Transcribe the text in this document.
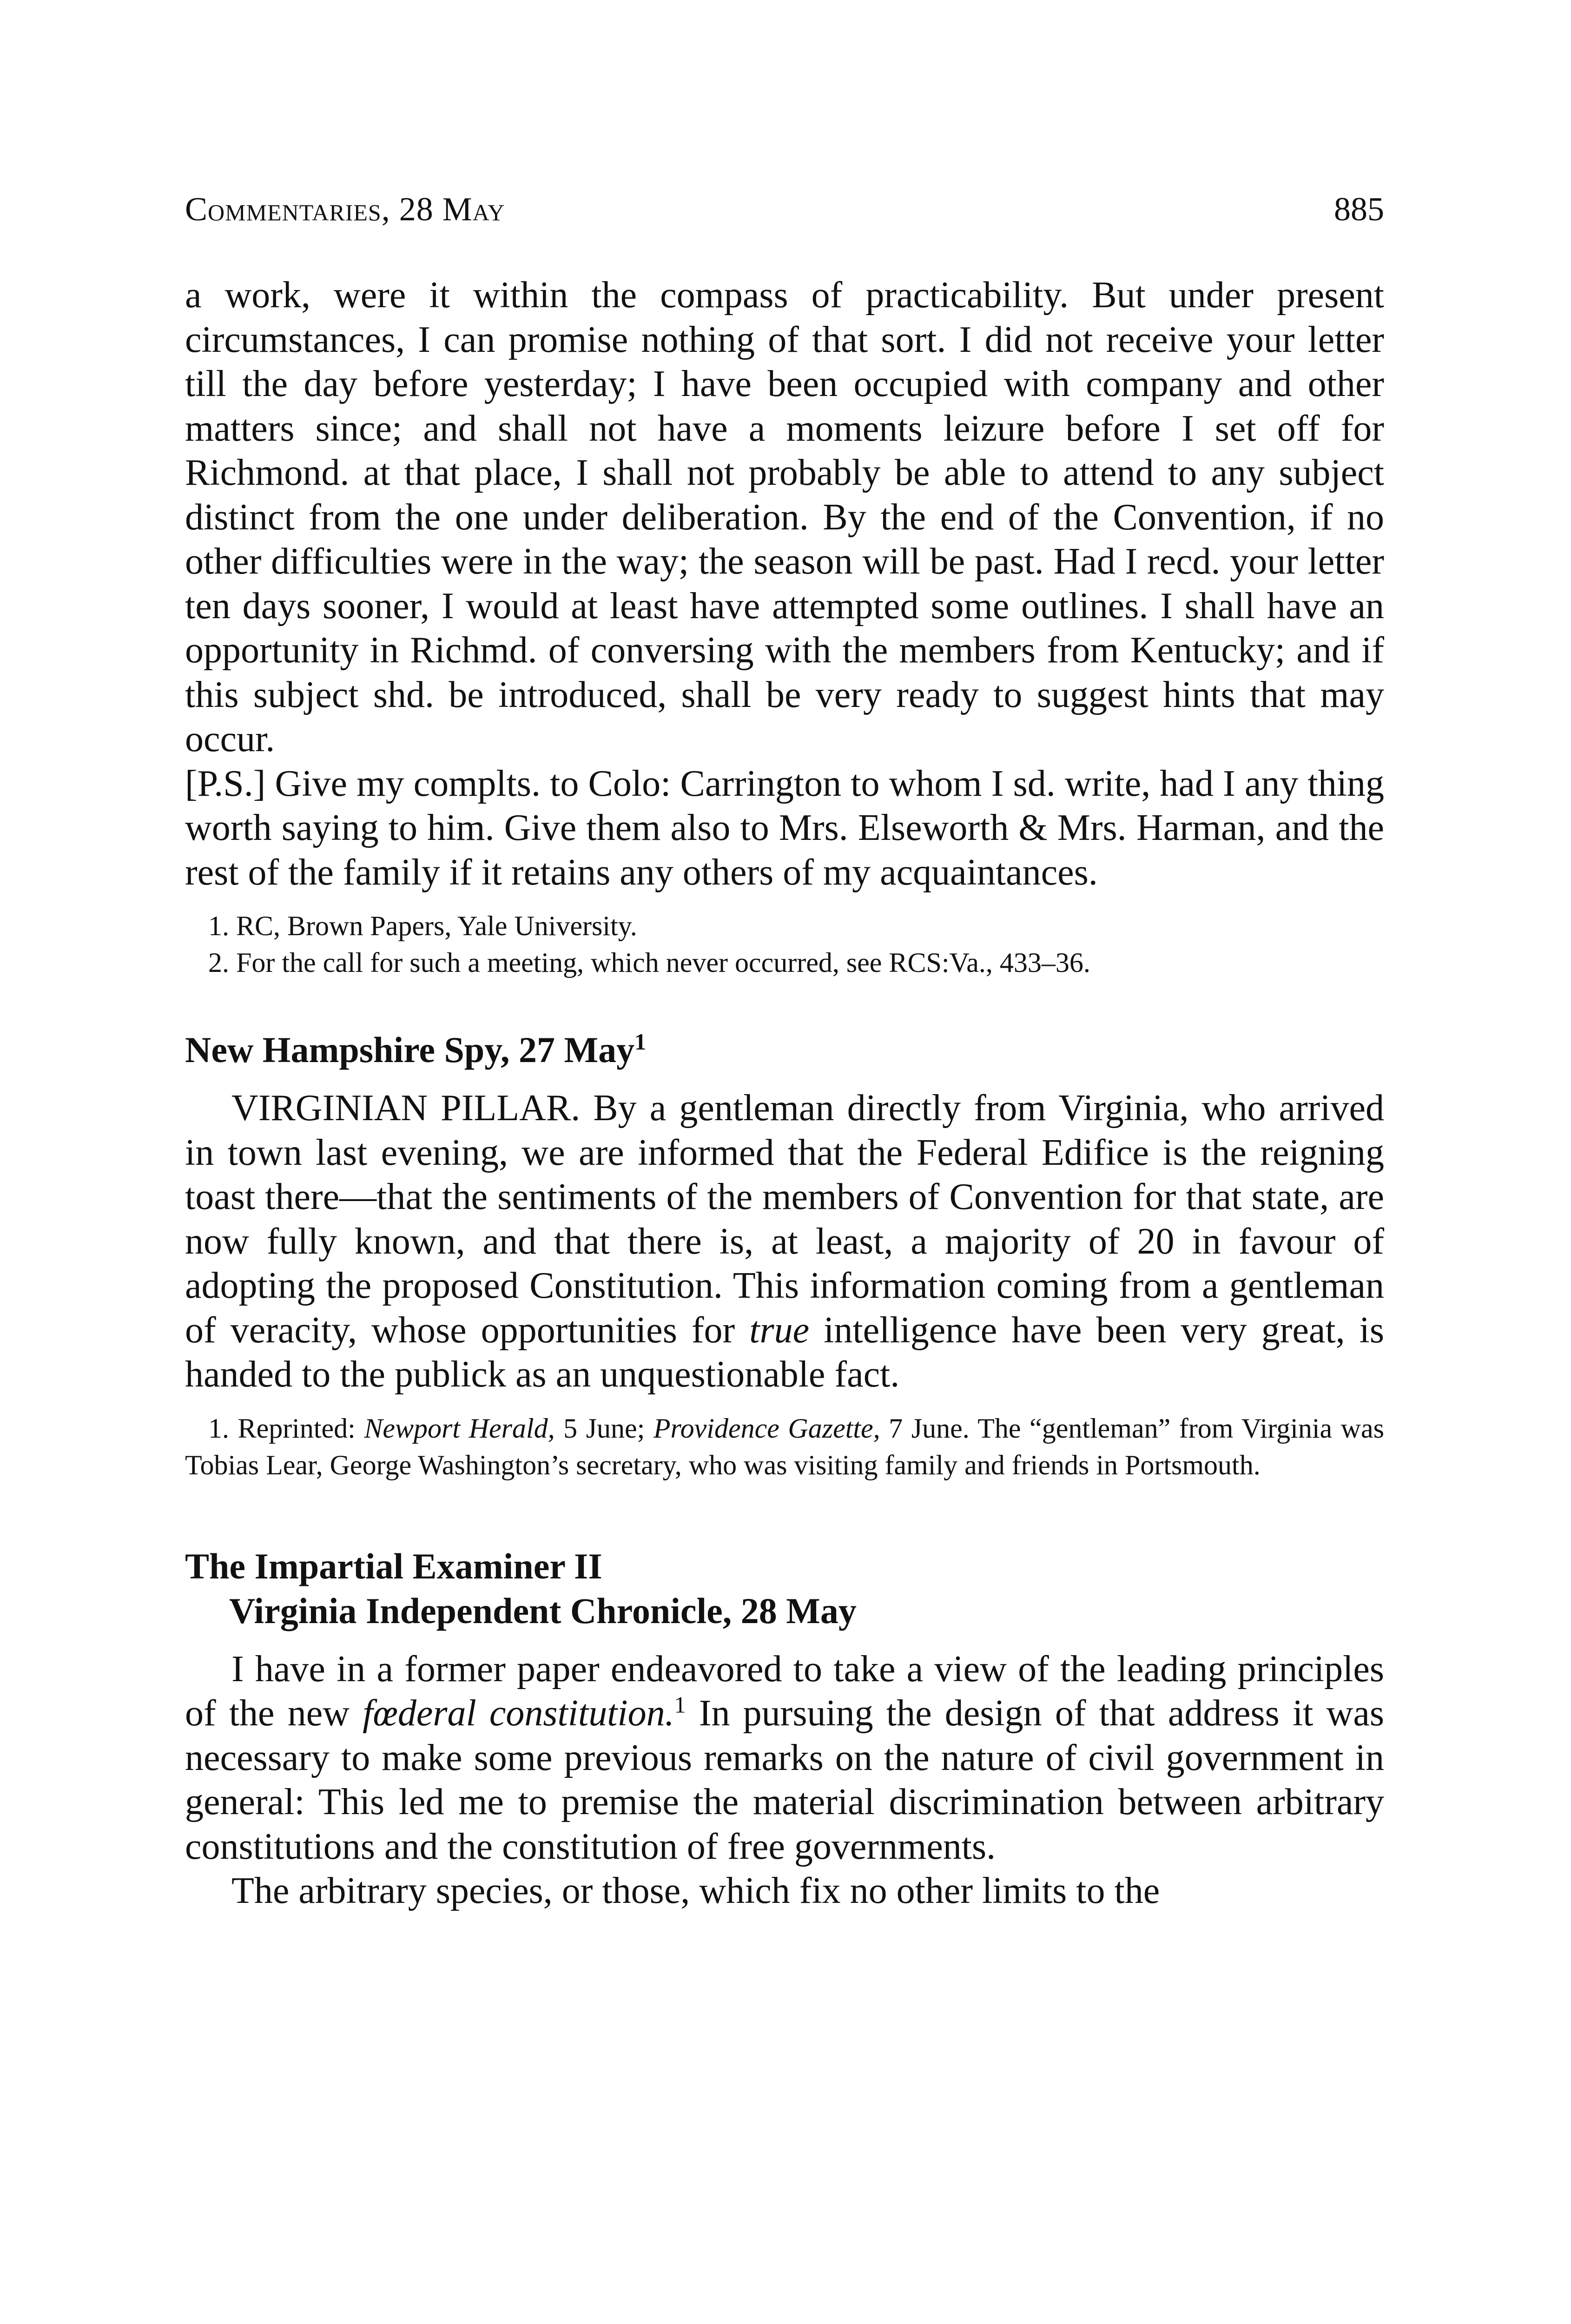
Commentaries, 28 May	885

a work, were it within the compass of practicability. But under present circumstances, I can promise nothing of that sort. I did not receive your letter till the day before yesterday; I have been occupied with company and other matters since; and shall not have a moments leizure before I set off for Richmond. at that place, I shall not probably be able to attend to any subject distinct from the one under deliberation. By the end of the Convention, if no other difficulties were in the way; the season will be past. Had I recd. your letter ten days sooner, I would at least have attempted some outlines. I shall have an opportunity in Richmd. of conversing with the members from Kentucky; and if this subject shd. be introduced, shall be very ready to suggest hints that may occur.

[P.S.] Give my complts. to Colo: Carrington to whom I sd. write, had I any thing worth saying to him. Give them also to Mrs. Elseworth & Mrs. Harman, and the rest of the family if it retains any others of my acquaintances.

1. RC, Brown Papers, Yale University.

2. For the call for such a meeting, which never occurred, see RCS:Va., 433–36.

New Hampshire Spy, 27 May$^1$

VIRGINIAN PILLAR. By a gentleman directly from Virginia, who arrived in town last evening, we are informed that the Federal Edifice is the reigning toast there—that the sentiments of the members of Convention for that state, are now fully known, and that there is, at least, a majority of 20 in favour of adopting the proposed Constitution. This information coming from a gentleman of veracity, whose opportunities for true intelligence have been very great, is handed to the publick as an unquestionable fact.

1. Reprinted: Newport Herald, 5 June; Providence Gazette, 7 June. The “gentleman” from Virginia was Tobias Lear, George Washington’s secretary, who was visiting family and friends in Portsmouth.

The Impartial Examiner II
Virginia Independent Chronicle, 28 May

I have in a former paper endeavored to take a view of the leading principles of the new fœderal constitution.$^1$ In pursuing the design of that address it was necessary to make some previous remarks on the nature of civil government in general: This led me to premise the material discrimination between arbitrary constitutions and the constitution of free governments.

The arbitrary species, or those, which fix no other limits to the
